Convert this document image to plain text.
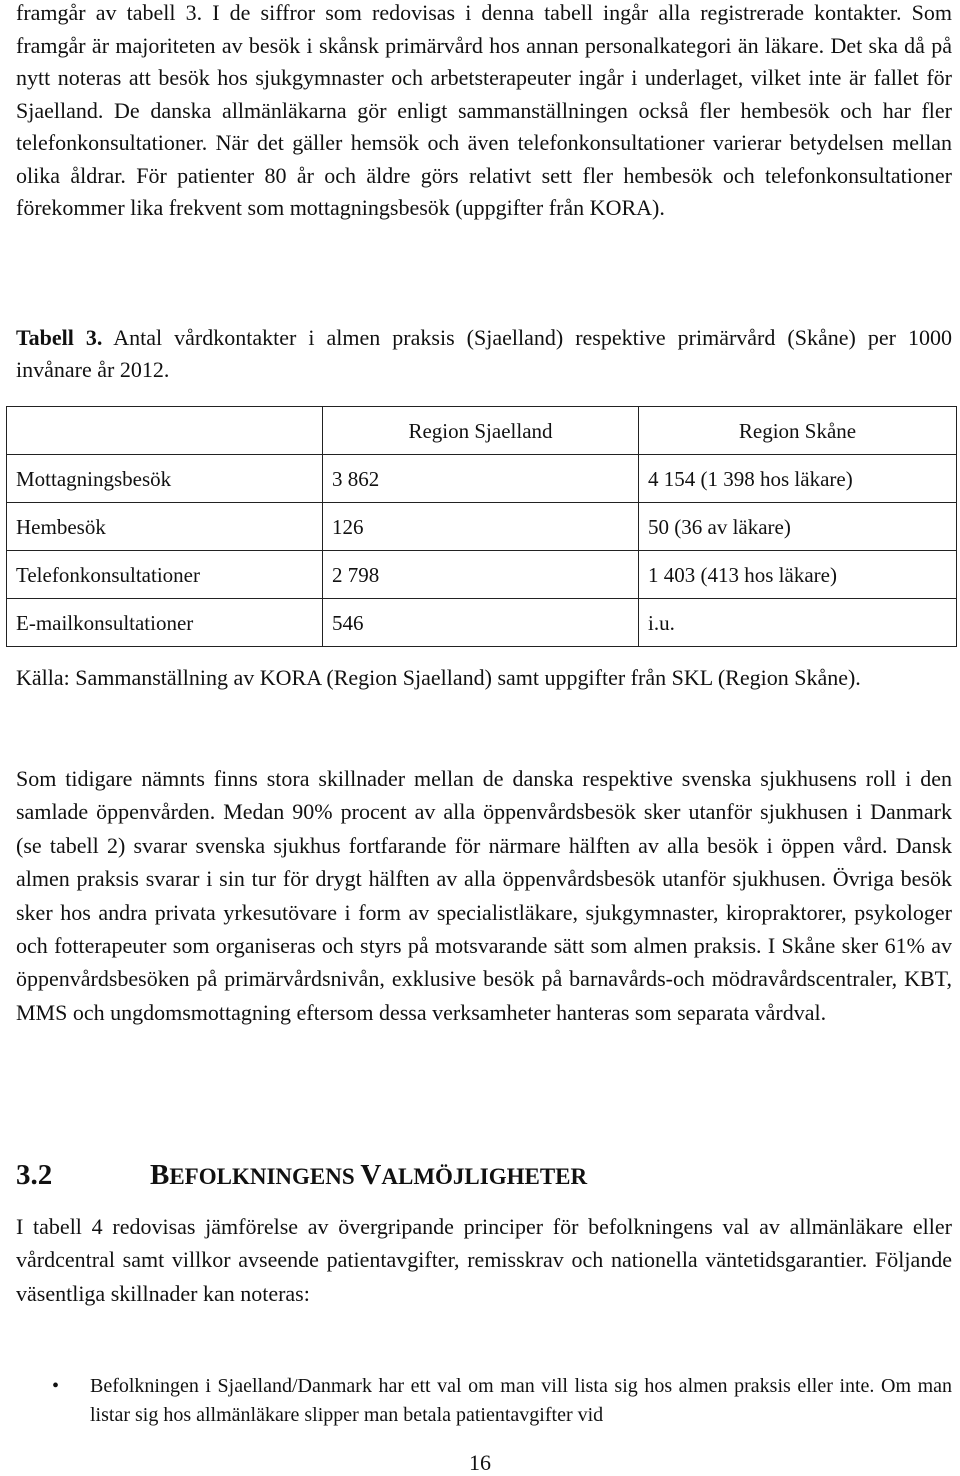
framgår av tabell 3. I de siffror som redovisas i denna tabell ingår alla registrerade kontakter. Som framgår är majoriteten av besök i skånsk primärvård hos annan personalkategori än läkare. Det ska då på nytt noteras att besök hos sjukgymnaster och arbetsterapeuter ingår i underlaget, vilket inte är fallet för Sjaelland. De danska allmänläkarna gör enligt sammanställningen också fler hembesök och har fler telefonkonsultationer. När det gäller hemsök och även telefonkonsultationer varierar betydelsen mellan olika åldrar. För patienter 80 år och äldre görs relativt sett fler hembesök och telefonkonsultationer förekommer lika frekvent som mottagningsbesök (uppgifter från KORA).

Tabell 3. Antal vårdkontakter i almen praksis (Sjaelland) respektive primärvård (Skåne) per 1000 invånare år 2012.

	Region Sjaelland	Region Skåne
Mottagningsbesök	3 862	4 154 (1 398 hos läkare)
Hembesök	126	50 (36 av läkare)
Telefonkonsultationer	2 798	1 403 (413 hos läkare)
E-mailkonsultationer	546	i.u.

Källa: Sammanställning av KORA (Region Sjaelland) samt uppgifter från SKL (Region Skåne).

Som tidigare nämnts finns stora skillnader mellan de danska respektive svenska sjukhusens roll i den samlade öppenvården. Medan 90% procent av alla öppenvårdsbesök sker utanför sjukhusen i Danmark (se tabell 2) svarar svenska sjukhus fortfarande för närmare hälften av alla besök i öppen vård. Dansk almen praksis svarar i sin tur för drygt hälften av alla öppenvårdsbesök utanför sjukhusen. Övriga besök sker hos andra privata yrkesutövare i form av specialistläkare, sjukgymnaster, kiropraktorer, psykologer och fotterapeuter som organiseras och styrs på motsvarande sätt som almen praksis. I Skåne sker 61% av öppenvårdsbesöken på primärvårdsnivån, exklusive besök på barnavårds-och mödravårdscentraler, KBT, MMS och ungdomsmottagning eftersom dessa verksamheter hanteras som separata vårdval.

3.2	BEFOLKNINGENS VALMÖJLIGHETER

I tabell 4 redovisas jämförelse av övergripande principer för befolkningens val av allmänläkare eller vårdcentral samt villkor avseende patientavgifter, remisskrav och nationella väntetidsgarantier. Följande väsentliga skillnader kan noteras:

• Befolkningen i Sjaelland/Danmark har ett val om man vill lista sig hos almen praksis eller inte. Om man listar sig hos allmänläkare slipper man betala patientavgifter vid

16
